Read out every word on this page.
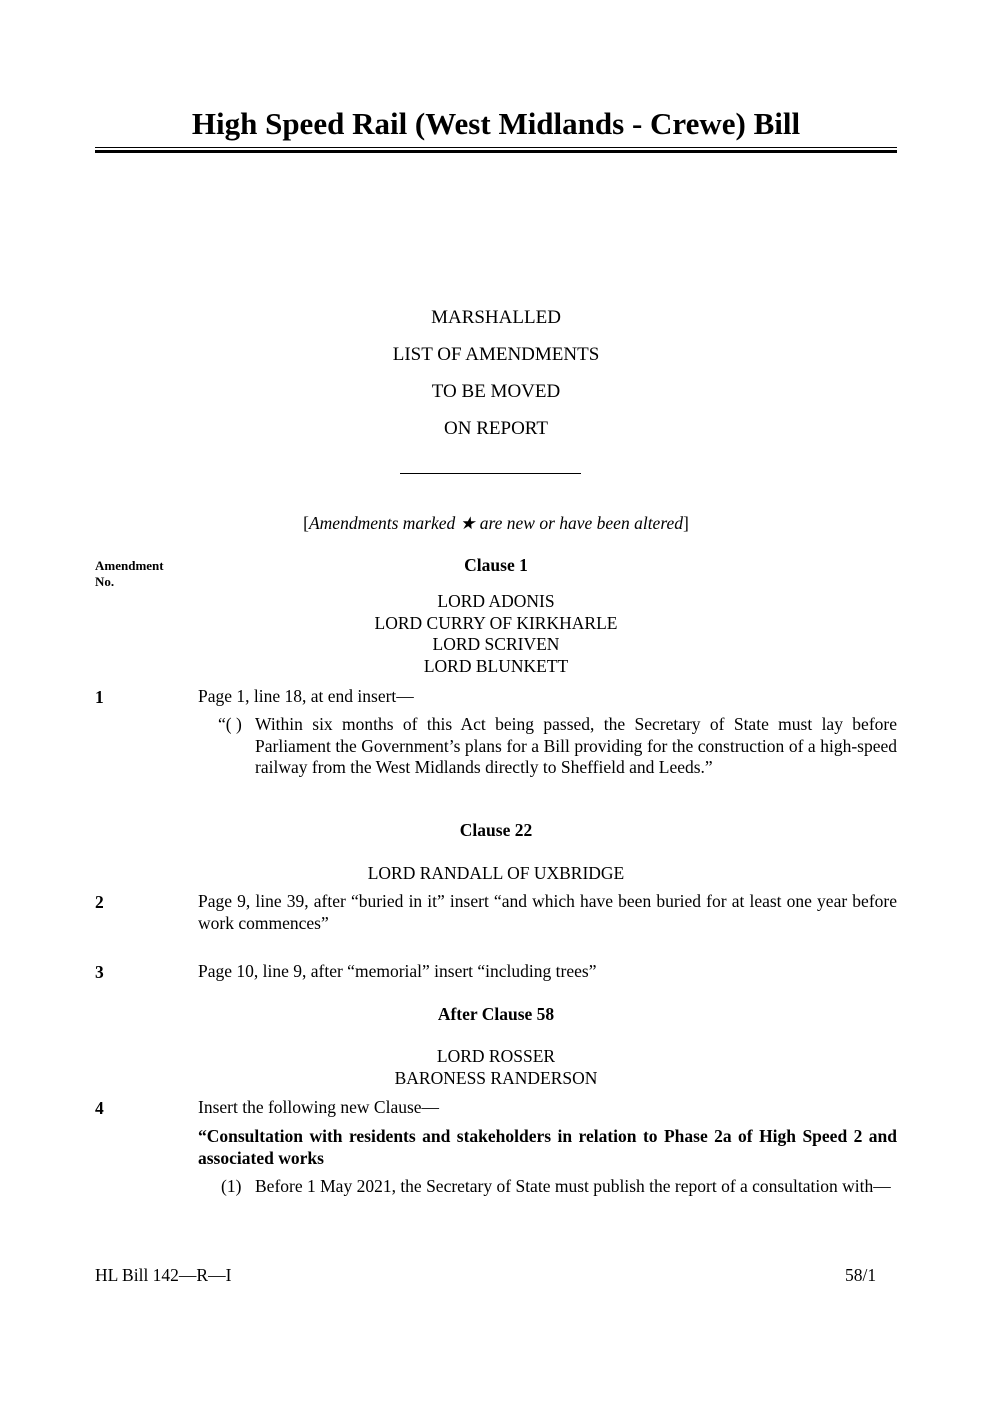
High Speed Rail (West Midlands - Crewe) Bill
MARSHALLED
LIST OF AMENDMENTS
TO BE MOVED
ON REPORT
[Amendments marked ★ are new or have been altered]
Amendment
No.
Clause 1
LORD ADONIS
LORD CURRY OF KIRKHARLE
LORD SCRIVEN
LORD BLUNKETT
1	Page 1, line 18, at end insert—
“( ) Within six months of this Act being passed, the Secretary of State must lay before Parliament the Government’s plans for a Bill providing for the construction of a high-speed railway from the West Midlands directly to Sheffield and Leeds.”
Clause 22
LORD RANDALL OF UXBRIDGE
2	Page 9, line 39, after “buried in it” insert “and which have been buried for at least one year before work commences”
3	Page 10, line 9, after “memorial” insert “including trees”
After Clause 58
LORD ROSSER
BARONESS RANDERSON
4	Insert the following new Clause—
“Consultation with residents and stakeholders in relation to Phase 2a of High Speed 2 and associated works
(1) Before 1 May 2021, the Secretary of State must publish the report of a consultation with—
HL Bill 142—R—I	58/1
